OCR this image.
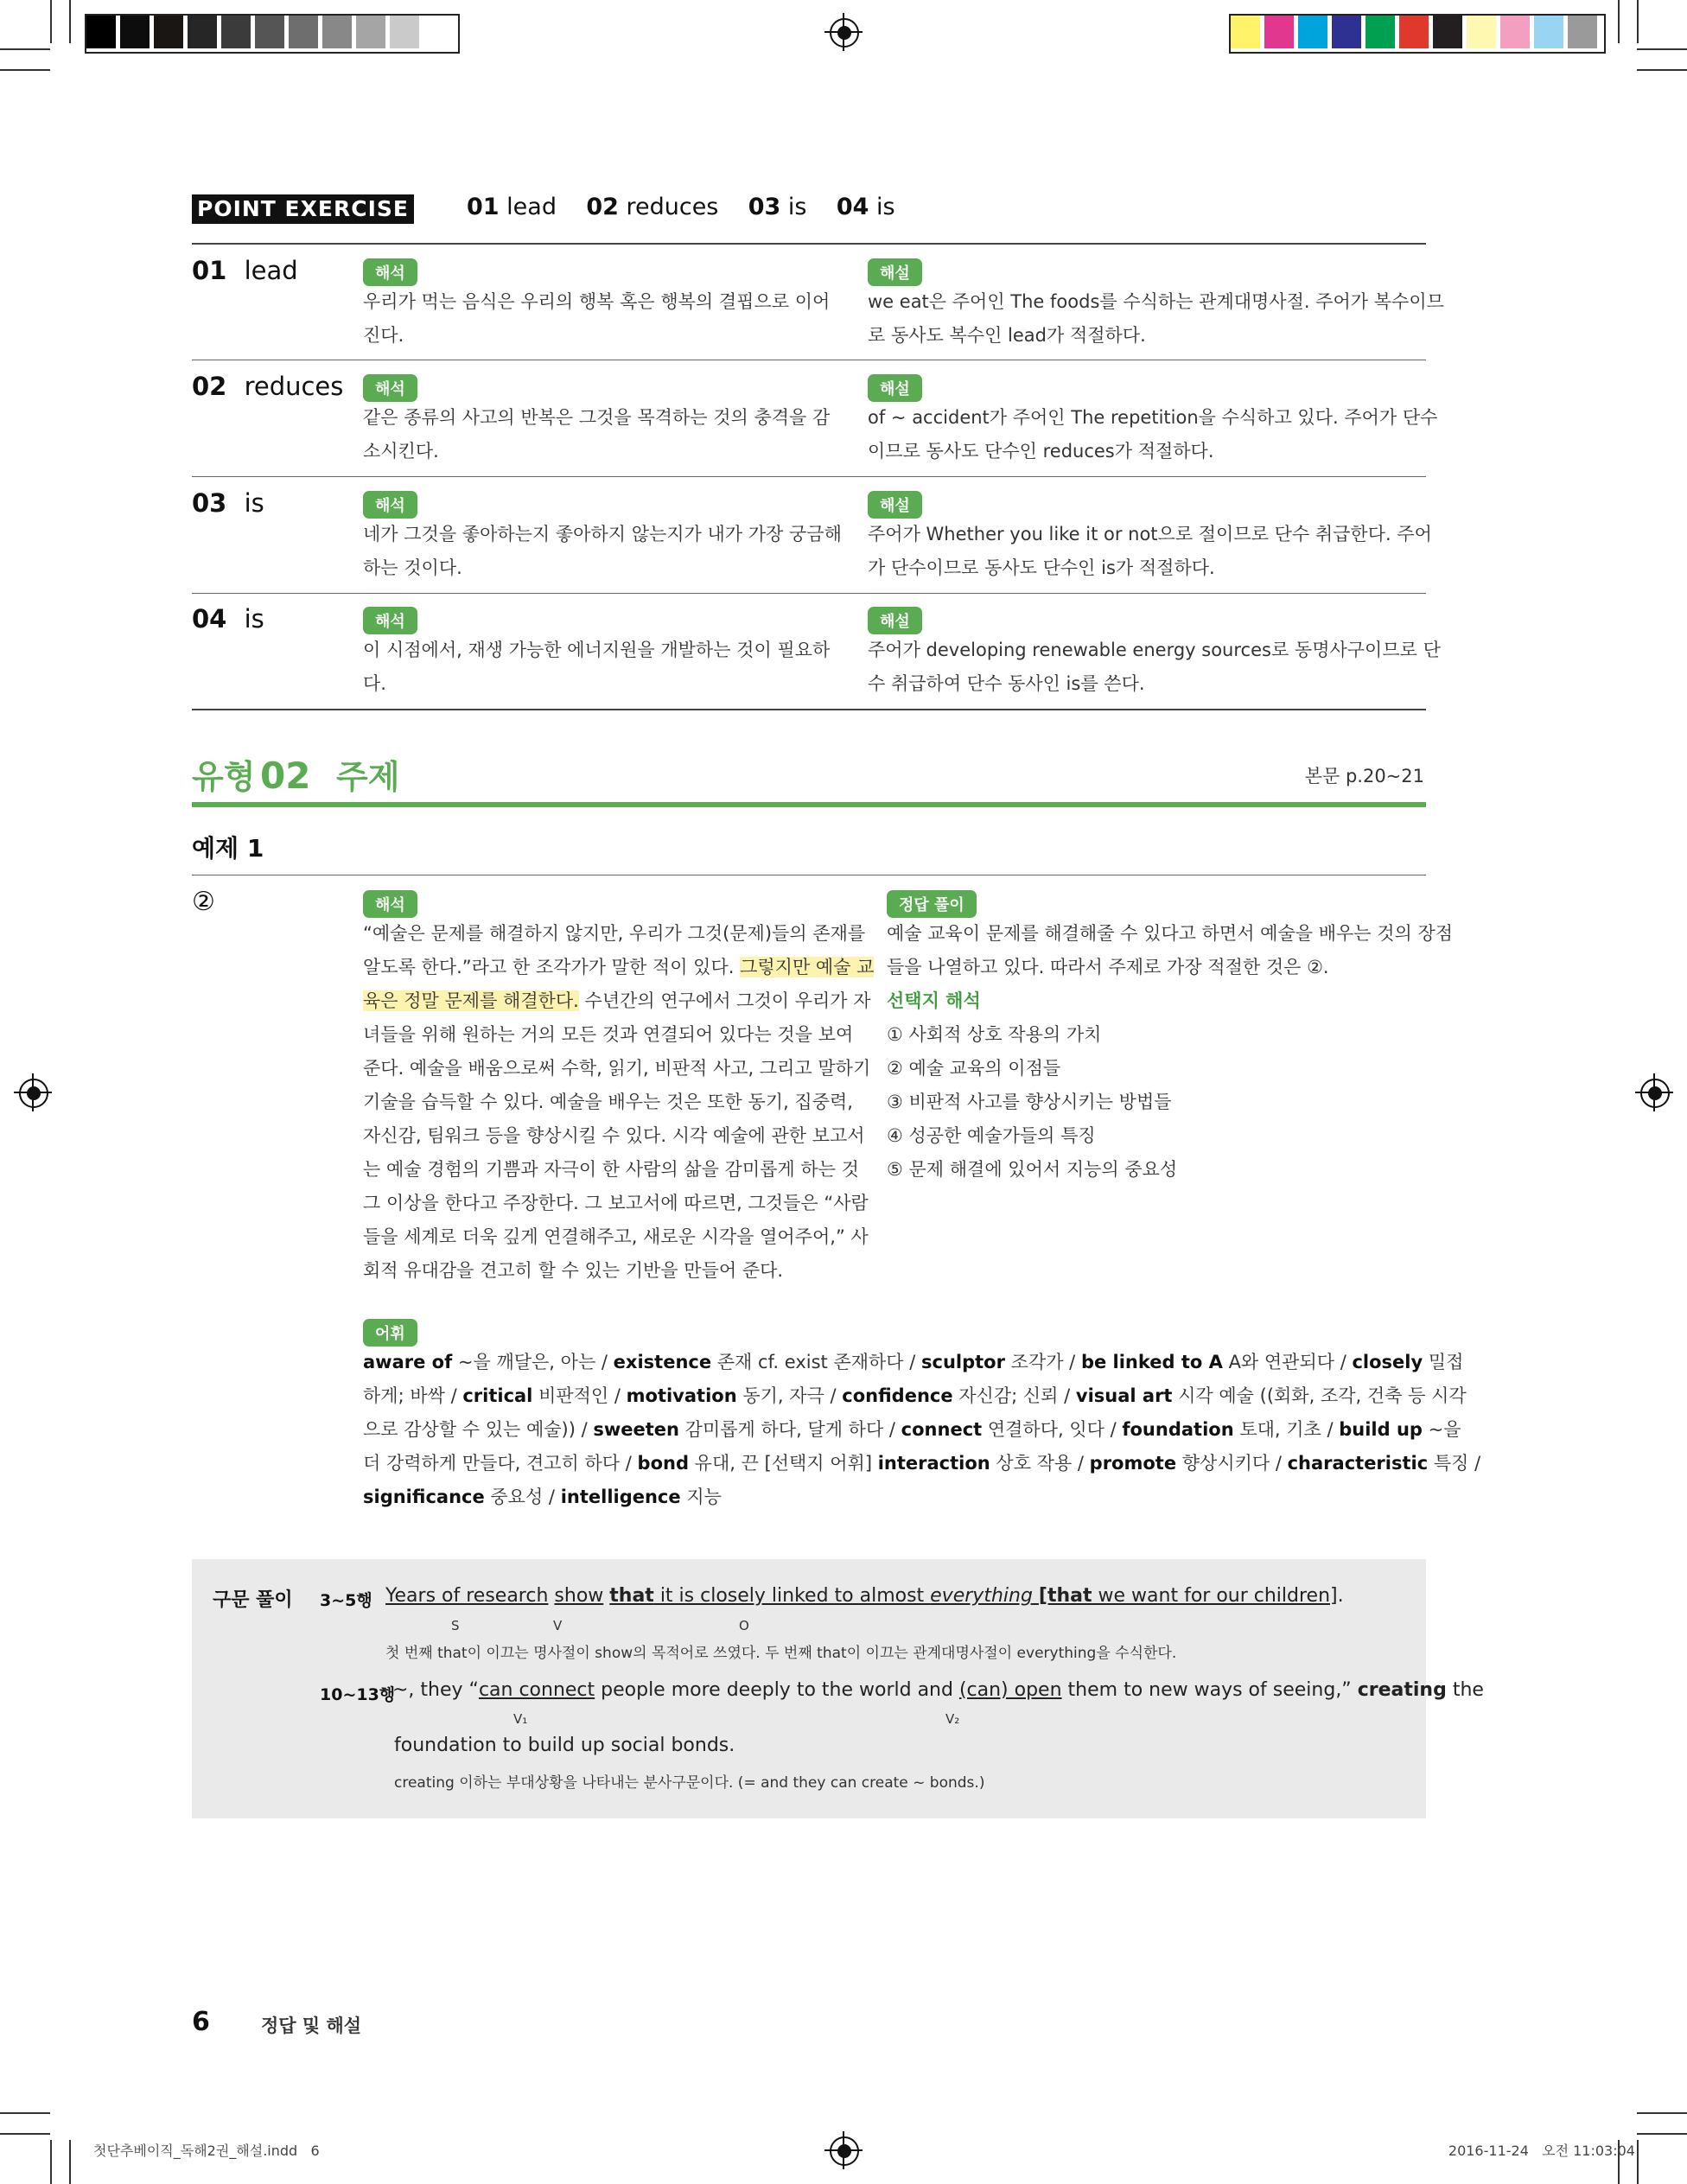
POINT EXERCISE 01 lead 02 reduces 03 is 04 is
01 lead	해석
우리가 먹는 음식은 우리의 행복 혹은 행복의 결핍으로 이어
진다.
해설
we eat은 주어인 The foods를 수식하는 관계대명사절. 주어가 복수이므
로 동사도 복수인 lead가 적절하다.
02 reduces	해석
같은 종류의 사고의 반복은 그것을 목격하는 것의 충격을 감
소시킨다.
해설
of ~ accident가 주어인 The repetition을 수식하고 있다. 주어가 단수
이므로 동사도 단수인 reduces가 적절하다.
03 is	해석
네가 그것을 좋아하는지 좋아하지 않는지가 내가 가장 궁금해
하는 것이다.
해설
주어가 Whether you like it or not으로 절이므로 단수 취급한다. 주어
가 단수이므로 동사도 단수인 is가 적절하다.
04 is	해석
이 시점에서, 재생 가능한 에너지원을 개발하는 것이 필요하
다.
해설
주어가 developing renewable energy sources로 동명사구이므로 단
수 취급하여 단수 동사인 is를 쓴다.
유형 02 주제	본문 p.20~21
예제 1
②	해석
“예술은 문제를 해결하지 않지만, 우리가 그것(문제)들의 존재를
알도록 한다.”라고 한 조각가가 말한 적이 있다. 그렇지만 예술 교
육은 정말 문제를 해결한다. 수년간의 연구에서 그것이 우리가 자
녀들을 위해 원하는 거의 모든 것과 연결되어 있다는 것을 보여
준다. 예술을 배움으로써 수학, 읽기, 비판적 사고, 그리고 말하기
기술을 습득할 수 있다. 예술을 배우는 것은 또한 동기, 집중력,
자신감, 팀워크 등을 향상시킬 수 있다. 시각 예술에 관한 보고서
는 예술 경험의 기쁨과 자극이 한 사람의 삶을 감미롭게 하는 것
그 이상을 한다고 주장한다. 그 보고서에 따르면, 그것들은 “사람
들을 세계로 더욱 깊게 연결해주고, 새로운 시각을 열어주어,” 사
회적 유대감을 견고히 할 수 있는 기반을 만들어 준다.
정답 풀이
예술 교육이 문제를 해결해줄 수 있다고 하면서 예술을 배우는 것의 장점
들을 나열하고 있다. 따라서 주제로 가장 적절한 것은 ②.
선택지 해석
① 사회적 상호 작용의 가치
② 예술 교육의 이점들
③ 비판적 사고를 향상시키는 방법들
④ 성공한 예술가들의 특징
⑤ 문제 해결에 있어서 지능의 중요성
어휘
aware of ~을 깨달은, 아는 / existence 존재 cf. exist 존재하다 / sculptor 조각가 / be linked to A A와 연관되다 / closely 밀접
하게; 바싹 / critical 비판적인 / motivation 동기, 자극 / confidence 자신감; 신뢰 / visual art 시각 예술 ((회화, 조각, 건축 등 시각
으로 감상할 수 있는 예술)) / sweeten 감미롭게 하다, 달게 하다 / connect 연결하다, 잇다 / foundation 토대, 기초 / build up ~을
더 강력하게 만들다, 견고히 하다 / bond 유대, 끈 [선택지 어휘] interaction 상호 작용 / promote 향상시키다 / characteristic 특징 /
significance 중요성 / intelligence 지능
구문 풀이 3~5행 Years of research show that it is closely linked to almost everything [that we want for our children].
S	V	O
첫 번째 that이 이끄는 명사절이 show의 목적어로 쓰였다. 두 번째 that이 이끄는 관계대명사절이 everything을 수식한다.
10~13행
~, they “can connect people more deeply to the world and (can) open them to new ways of seeing,” creating the
V₁	V₂
foundation to build up social bonds.
creating 이하는 부대상황을 나타내는 분사구문이다. (= and they can create ~ bonds.)
6	정답 및 해설
첫단추베이직_독해2권_해설.indd   6	2016-11-24   오전 11:03:04
